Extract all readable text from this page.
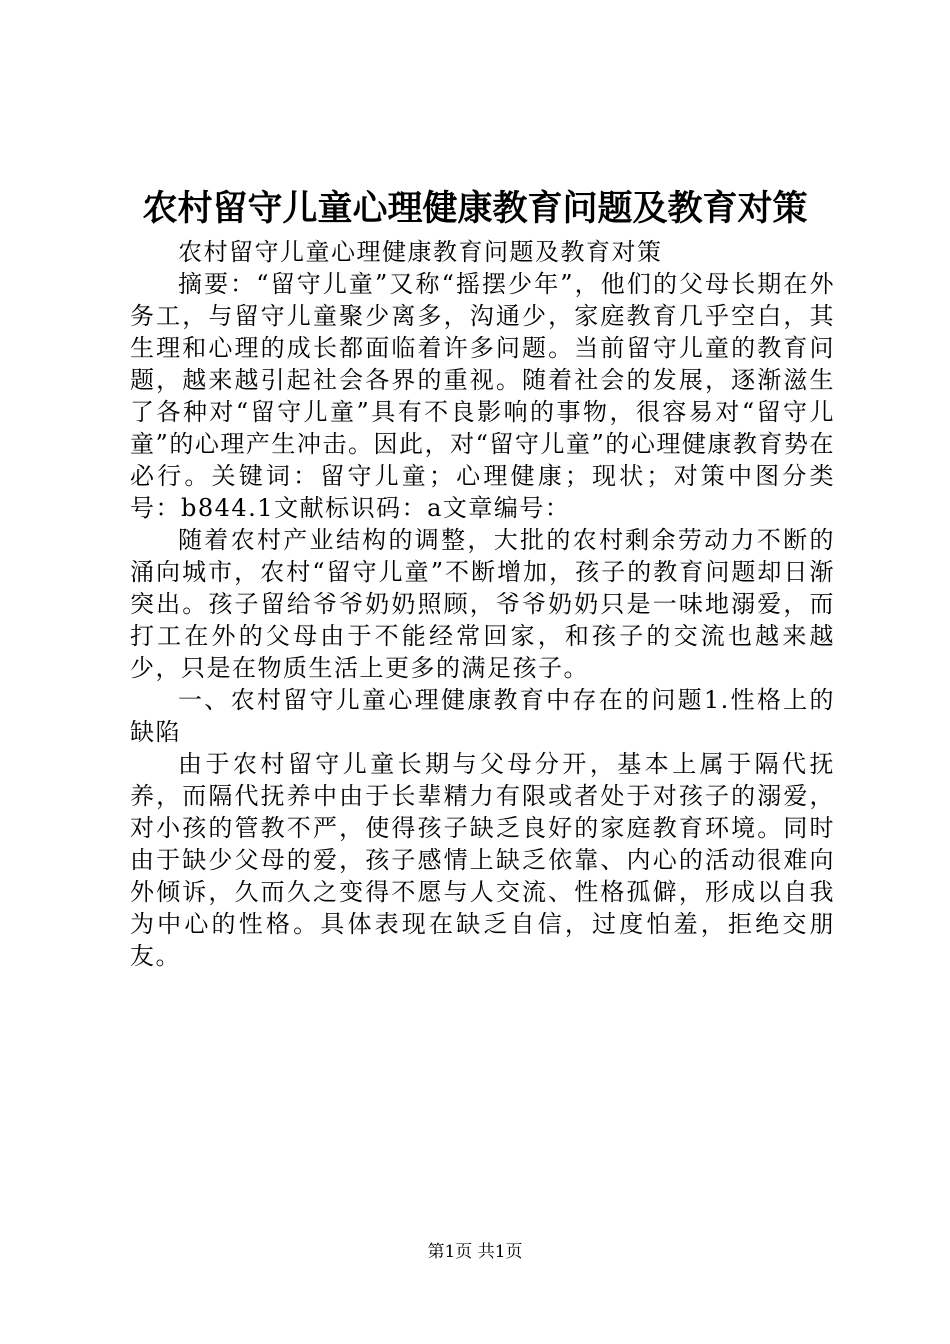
农村留守儿童心理健康教育问题及教育对策

农村留守儿童心理健康教育问题及教育对策

摘要：“留守儿童”又称“摇摆少年”，他们的父母长期在外务工，与留守儿童聚少离多，沟通少，家庭教育几乎空白，其生理和心理的成长都面临着许多问题。当前留守儿童的教育问题，越来越引起社会各界的重视。随着社会的发展，逐渐滋生了各种对“留守儿童”具有不良影响的事物，很容易对“留守儿童”的心理产生冲击。因此，对“留守儿童”的心理健康教育势在必行。关键词：留守儿童；心理健康；现状；对策中图分类号：b844.1文献标识码：a文章编号：

随着农村产业结构的调整，大批的农村剩余劳动力不断的涌向城市，农村“留守儿童”不断增加，孩子的教育问题却日渐突出。孩子留给爷爷奶奶照顾，爷爷奶奶只是一味地溺爱，而打工在外的父母由于不能经常回家，和孩子的交流也越来越少，只是在物质生活上更多的满足孩子。

一、农村留守儿童心理健康教育中存在的问题1.性格上的缺陷

由于农村留守儿童长期与父母分开，基本上属于隔代抚养，而隔代抚养中由于长辈精力有限或者处于对孩子的溺爱，对小孩的管教不严，使得孩子缺乏良好的家庭教育环境。同时由于缺少父母的爱，孩子感情上缺乏依靠、内心的活动很难向外倾诉，久而久之变得不愿与人交流、性格孤僻，形成以自我为中心的性格。具体表现在缺乏自信，过度怕羞，拒绝交朋友。

第1页 共1页
